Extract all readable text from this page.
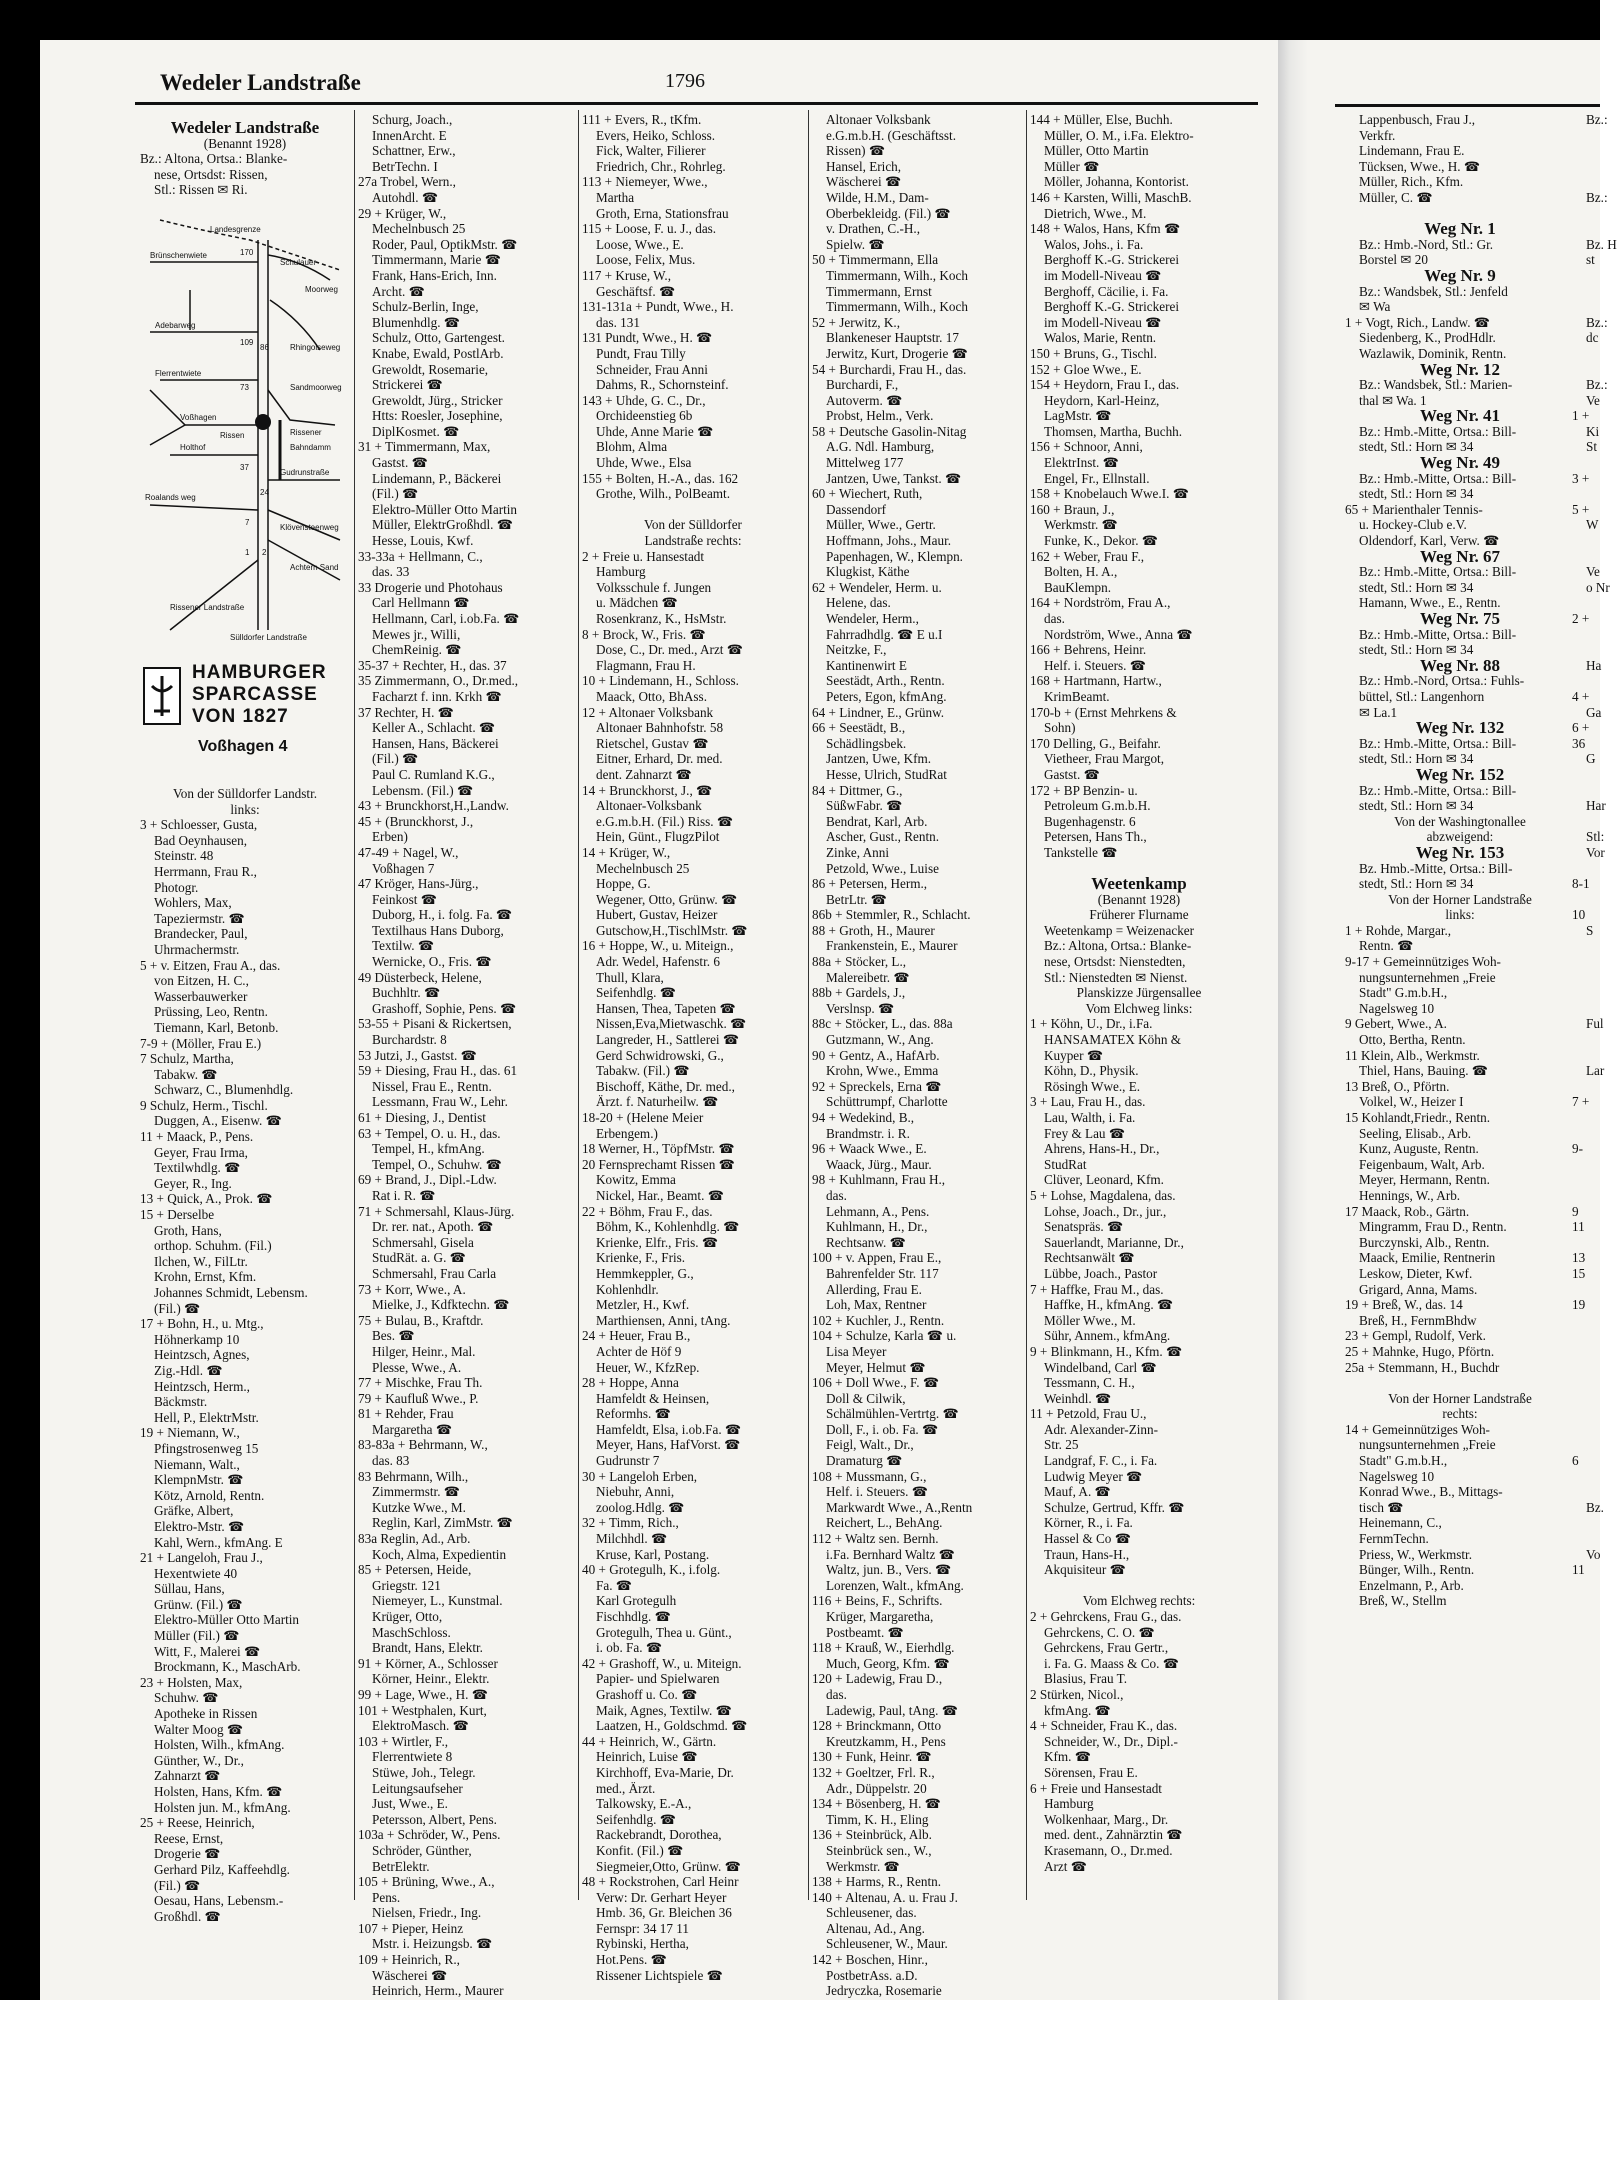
Wedeler Landstraße	1796
Wedeler Landstraße
(Benannt 1928)
Bz.: Altona, Ortsa.: Blanke-
nese, Ortsdst: Rissen,
Stl.: Rissen ✉ Ri.
Landesgrenze
Schulauer
Moorweg
Brünschenwiete
Adebarweg
Flerrentwiete
Voßhagen
Holthof
Rissen	Rissener
Bahndamm
Sandmoorweg
Rhingolseweg
Gudrunstraße
Roalands weg
Klövensteenweg
Achtern Sand
Rissener Landstraße
Sülldorfer Landstraße
170
109
86
73
37
24
7
1 2
HAMBURGER
SPARCASSE
VON 1827
Voßhagen 4
Von der Sülldorfer Landstr.
links:
3 + Schloesser, Gusta,
Bad Oeynhausen,
Steinstr. 48
Herrmann, Frau R.,
Photogr.
Wohlers, Max,
Tapeziermstr. ☎
Brandecker, Paul,
Uhrmachermstr.
5 + v. Eitzen, Frau A., das.
von Eitzen, H. C.,
Wasserbauwerker
Prüssing, Leo, Rentn.
Tiemann, Karl, Betonb.
7-9 + (Möller, Frau E.)
7 Schulz, Martha,
Tabakw. ☎
Schwarz, C., Blumenhdlg.
9 Schulz, Herm., Tischl.
Duggen, A., Eisenw. ☎
11 + Maack, P., Pens.
Geyer, Frau Irma,
Textilwhdlg. ☎
Geyer, R., Ing.
13 + Quick, A., Prok. ☎
15 + Derselbe
Groth, Hans,
orthop. Schuhm. (Fil.)
Ilchen, W., FilLtr.
Krohn, Ernst, Kfm.
Johannes Schmidt, Lebensm.
(Fil.) ☎
17 + Bohn, H., u. Mtg.,
Höhnerkamp 10
Heintzsch, Agnes,
Zig.-Hdl. ☎
Heintzsch, Herm.,
Bäckmstr.
Hell, P., ElektrMstr.
19 + Niemann, W.,
Pfingstrosenweg 15
Niemann, Walt.,
KlempnMstr. ☎
Kötz, Arnold, Rentn.
Gräfke, Albert,
Elektro-Mstr. ☎
Kahl, Wern., kfmAng. E
21 + Langeloh, Frau J.,
Hexentwiete 40
Süllau, Hans,
Grünw. (Fil.) ☎
Elektro-Müller Otto Martin
Müller (Fil.) ☎
Witt, F., Malerei ☎
Brockmann, K., MaschArb.
23 + Holsten, Max,
Schuhw. ☎
Apotheke in Rissen
Walter Moog ☎
Holsten, Wilh., kfmAng.
Günther, W., Dr.,
Zahnarzt ☎
Holsten, Hans, Kfm. ☎
Holsten jun. M., kfmAng.
25 + Reese, Heinrich,
Reese, Ernst,
Drogerie ☎
Gerhard Pilz, Kaffeehdlg.
(Fil.) ☎
Oesau, Hans, Lebensm.-
Großhdl. ☎
Schurg, Joach.,
InnenArcht. E
Schattner, Erw.,
BetrTechn. I
27a Trobel, Wern.,
Autohdl. ☎
29 + Krüger, W.,
Mechelnbusch 25
Roder, Paul, OptikMstr. ☎
Timmermann, Marie ☎
Frank, Hans-Erich, Inn.
Archt. ☎
Schulz-Berlin, Inge,
Blumenhdlg. ☎
Schulz, Otto, Gartengest.
Knabe, Ewald, PostlArb.
Grewoldt, Rosemarie,
Strickerei ☎
Grewoldt, Jürg., Stricker
Htts: Roesler, Josephine,
DiplKosmet. ☎
31 + Timmermann, Max,
Gastst. ☎
Lindemann, P., Bäckerei
(Fil.) ☎
Elektro-Müller Otto Martin
Müller, ElektrGroßhdl. ☎
Hesse, Louis, Kwf.
33-33a + Hellmann, C.,
das. 33
33 Drogerie und Photohaus
Carl Hellmann ☎
Hellmann, Carl, i.ob.Fa. ☎
Mewes jr., Willi,
ChemReinig. ☎
35-37 + Rechter, H., das. 37
35 Zimmermann, O., Dr.med.,
Facharzt f. inn. Krkh ☎
37 Rechter, H. ☎
Keller A., Schlacht. ☎
Hansen, Hans, Bäckerei
(Fil.) ☎
Paul C. Rumland K.G.,
Lebensm. (Fil.) ☎
43 + Brunckhorst,H.,Landw.
45 + (Brunckhorst, J.,
Erben)
47-49 + Nagel, W.,
Voßhagen 7
47 Kröger, Hans-Jürg.,
Feinkost ☎
Duborg, H., i. folg. Fa. ☎
Textilhaus Hans Duborg,
Textilw. ☎
Wernicke, O., Fris. ☎
49 Düsterbeck, Helene,
Buchhltr. ☎
Grashoff, Sophie, Pens. ☎
53-55 + Pisani & Rickertsen,
Burchardstr. 8
53 Jutzi, J., Gastst. ☎
59 + Diesing, Frau H., das. 61
Nissel, Frau E., Rentn.
Lessmann, Frau W., Lehr.
61 + Diesing, J., Dentist
63 + Tempel, O. u. H., das.
Tempel, H., kfmAng.
Tempel, O., Schuhw. ☎
69 + Brand, J., Dipl.-Ldw.
Rat i. R. ☎
71 + Schmersahl, Klaus-Jürg.
Dr. rer. nat., Apoth. ☎
Schmersahl, Gisela
StudRät. a. G. ☎
Schmersahl, Frau Carla
73 + Korr, Wwe., A.
Mielke, J., Kdfktechn. ☎
75 + Bulau, B., Kraftdr.
Bes. ☎
Hilger, Heinr., Mal.
Plesse, Wwe., A.
77 + Mischke, Frau Th.
79 + Kaufluß Wwe., P.
81 + Rehder, Frau
Margaretha ☎
83-83a + Behrmann, W.,
das. 83
83 Behrmann, Wilh.,
Zimmermstr. ☎
Kutzke Wwe., M.
Reglin, Karl, ZimMstr. ☎
83a Reglin, Ad., Arb.
Koch, Alma, Expedientin
85 + Petersen, Heide,
Griegstr. 121
Niemeyer, L., Kunstmal.
Krüger, Otto,
MaschSchloss.
Brandt, Hans, Elektr.
91 + Körner, A., Schlosser
Körner, Heinr., Elektr.
99 + Lage, Wwe., H. ☎
101 + Westphalen, Kurt,
ElektroMasch. ☎
103 + Wirtler, F.,
Flerrentwiete 8
Stüwe, Joh., Telegr.
Leitungsaufseher
Just, Wwe., E.
Petersson, Albert, Pens.
103a + Schröder, W., Pens.
Schröder, Günther,
BetrElektr.
105 + Brüning, Wwe., A.,
Pens.
Nielsen, Friedr., Ing.
107 + Pieper, Heinz
Mstr. i. Heizungsb. ☎
109 + Heinrich, R.,
Wäscherei ☎
Heinrich, Herm., Maurer
111 + Evers, R., tKfm.
Evers, Heiko, Schloss.
Fick, Walter, Filierer
Friedrich, Chr., Rohrleg.
113 + Niemeyer, Wwe.,
Martha
Groth, Erna, Stationsfrau
115 + Loose, F. u. J., das.
Loose, Wwe., E.
Loose, Felix, Mus.
117 + Kruse, W.,
Geschäftsf. ☎
131-131a + Pundt, Wwe., H.
das. 131
131 Pundt, Wwe., H. ☎
Pundt, Frau Tilly
Schneider, Frau Anni
Dahms, R., Schornsteinf.
143 + Uhde, G. C., Dr.,
Orchideenstieg 6b
Uhde, Anne Marie ☎
Blohm, Alma
Uhde, Wwe., Elsa
155 + Bolten, H.-A., das. 162
Grothe, Wilh., PolBeamt.

Von der Sülldorfer
Landstraße rechts:
2 + Freie u. Hansestadt
Hamburg
Volksschule f. Jungen
u. Mädchen ☎
Rosenkranz, K., HsMstr.
8 + Brock, W., Fris. ☎
Dose, C., Dr. med., Arzt ☎
Flagmann, Frau H.
10 + Lindemann, H., Schloss.
Maack, Otto, BhAss.
12 + Altonaer Volksbank
Altonaer Bahnhofstr. 58
Rietschel, Gustav ☎
Eitner, Erhard, Dr. med.
dent. Zahnarzt ☎
14 + Brunckhorst, J., ☎
Altonaer-Volksbank
e.G.m.b.H. (Fil.) Riss. ☎
Hein, Günt., FlugzPilot
14 + Krüger, W.,
Mechelnbusch 25
Hoppe, G.
Wegener, Otto, Grünw. ☎
Hubert, Gustav, Heizer
Gutschow,H.,TischlMstr. ☎
16 + Hoppe, W., u. Miteign.,
Adr. Wedel, Hafenstr. 6
Thull, Klara,
Seifenhdlg. ☎
Hansen, Thea, Tapeten ☎
Nissen,Eva,Mietwaschk. ☎
Langreder, H., Sattlerei ☎
Gerd Schwidrowski, G.,
Tabakw. (Fil.) ☎
Bischoff, Käthe, Dr. med.,
Ärzt. f. Naturheilw. ☎
18-20 + (Helene Meier
Erbengem.)
18 Werner, H., TöpfMstr. ☎
20 Fernsprechamt Rissen ☎
Kowitz, Emma
Nickel, Har., Beamt. ☎
22 + Böhm, Frau F., das.
Böhm, K., Kohlenhdlg. ☎
Krienke, Elfr., Fris. ☎
Krienke, F., Fris.
Hemmkeppler, G.,
Kohlenhdlr.
Metzler, H., Kwf.
Marthiensen, Anni, tAng.
24 + Heuer, Frau B.,
Achter de Höf 9
Heuer, W., KfzRep.
28 + Hoppe, Anna
Hamfeldt & Heinsen,
Reformhs. ☎
Hamfeldt, Elsa, i.ob.Fa. ☎
Meyer, Hans, HafVorst. ☎
Gudrunstr 7
30 + Langeloh Erben,
Niebuhr, Anni,
zoolog.Hdlg. ☎
32 + Timm, Rich.,
Milchhdl. ☎
Kruse, Karl, Postang.
40 + Grotegulh, K., i.folg.
Fa. ☎
Karl Grotegulh
Fischhdlg. ☎
Grotegulh, Thea u. Günt.,
i. ob. Fa. ☎
42 + Grashoff, W., u. Miteign.
Papier- und Spielwaren
Grashoff u. Co. ☎
Maik, Agnes, Textilw. ☎
Laatzen, H., Goldschmd. ☎
44 + Heinrich, W., Gärtn.
Heinrich, Luise ☎
Kirchhoff, Eva-Marie, Dr.
med., Ärzt.
Talkowsky, E.-A.,
Seifenhdlg. ☎
Rackebrandt, Dorothea,
Konfit. (Fil.) ☎
Siegmeier,Otto, Grünw. ☎
48 + Rockstrohen, Carl Heinr
Verw: Dr. Gerhart Heyer
Hmb. 36, Gr. Bleichen 36
Fernspr: 34 17 11
Rybinski, Hertha,
Hot.Pens. ☎
Rissener Lichtspiele ☎
Altonaer Volksbank
e.G.m.b.H. (Geschäftsst.
Rissen) ☎
Hansel, Erich,
Wäscherei ☎
Wilde, H.M., Dam-
Oberbekleidg. (Fil.) ☎
v. Drathen, C.-H.,
Spielw. ☎
50 + Timmermann, Ella
Timmermann, Wilh., Koch
Timmermann, Ernst
Timmermann, Wilh., Koch
52 + Jerwitz, K.,
Blankeneser Hauptstr. 17
Jerwitz, Kurt, Drogerie ☎
54 + Burchardi, Frau H., das.
Burchardi, F.,
Autoverm. ☎
Probst, Helm., Verk.
58 + Deutsche Gasolin-Nitag
A.G. Ndl. Hamburg,
Mittelweg 177
Jantzen, Uwe, Tankst. ☎
60 + Wiechert, Ruth,
Dassendorf
Müller, Wwe., Gertr.
Hoffmann, Johs., Maur.
Papenhagen, W., Klempn.
Klugkist, Käthe
62 + Wendeler, Herm. u.
Helene, das.
Wendeler, Herm.,
Fahrradhdlg. ☎ E u.I
Neitzke, F.,
Kantinenwirt E
Seestädt, Arth., Rentn.
Peters, Egon, kfmAng.
64 + Lindner, E., Grünw.
66 + Seestädt, B.,
Schädlingsbek.
Jantzen, Uwe, Kfm.
Hesse, Ulrich, StudRat
84 + Dittmer, G.,
SüßwFabr. ☎
Bendrat, Karl, Arb.
Ascher, Gust., Rentn.
Zinke, Anni
Petzold, Wwe., Luise
86 + Petersen, Herm.,
BetrLtr. ☎
86b + Stemmler, R., Schlacht.
88 + Groth, H., Maurer
Frankenstein, E., Maurer
88a + Stöcker, L.,
Malereibetr. ☎
88b + Gardels, J.,
Verslnsp. ☎
88c + Stöcker, L., das. 88a
Gutzmann, W., Ang.
90 + Gentz, A., HafArb.
Krohn, Wwe., Emma
92 + Spreckels, Erna ☎
Schüttrumpf, Charlotte
94 + Wedekind, B.,
Brandmstr. i. R.
96 + Waack Wwe., E.
Waack, Jürg., Maur.
98 + Kuhlmann, Frau H.,
das.
Lehmann, A., Pens.
Kuhlmann, H., Dr.,
Rechtsanw. ☎
100 + v. Appen, Frau E.,
Bahrenfelder Str. 117
Allerding, Frau E.
Loh, Max, Rentner
102 + Kuchler, J., Rentn.
104 + Schulze, Karla ☎ u.
Lisa Meyer
Meyer, Helmut ☎
106 + Doll Wwe., F. ☎
Doll & Cilwik,
Schälmühlen-Vertrtg. ☎
Doll, F., i. ob. Fa. ☎
Feigl, Walt., Dr.,
Dramaturg ☎
108 + Mussmann, G.,
Helf. i. Steuers. ☎
Markwardt Wwe., A.,Rentn
Reichert, L., BehAng.
112 + Waltz sen. Bernh.
i.Fa. Bernhard Waltz ☎
Waltz, jun. B., Vers. ☎
Lorenzen, Walt., kfmAng.
116 + Beins, F., Schrifts.
Krüger, Margaretha,
Postbeamt. ☎
118 + Krauß, W., Eierhdlg.
Much, Georg, Kfm. ☎
120 + Ladewig, Frau D.,
das.
Ladewig, Paul, tAng. ☎
128 + Brinckmann, Otto
Kreutzkamm, H., Pens
130 + Funk, Heinr. ☎
132 + Goeltzer, Frl. R.,
Adr., Düppelstr. 20
134 + Bösenberg, H. ☎
Timm, K. H., Eling
136 + Steinbrück, Alb.
Steinbrück sen., W.,
Werkmstr. ☎
138 + Harms, R., Rentn.
140 + Altenau, A. u. Frau J.
Schleusener, das.
Altenau, Ad., Ang.
Schleusener, W., Maur.
142 + Boschen, Hinr.,
PostbetrAss. a.D.
Jedryczka, Rosemarie
144 + Müller, Else, Buchh.
Müller, O. M., i.Fa. Elektro-
Müller, Otto Martin
Müller ☎
Möller, Johanna, Kontorist.
146 + Karsten, Willi, MaschB.
Dietrich, Wwe., M.
148 + Walos, Hans, Kfm ☎
Walos, Johs., i. Fa.
Berghoff K.-G. Strickerei
im Modell-Niveau ☎
Berghoff, Cäcilie, i. Fa.
Berghoff K.-G. Strickerei
im Modell-Niveau ☎
Walos, Marie, Rentn.
150 + Bruns, G., Tischl.
152 + Gloe Wwe., E.
154 + Heydorn, Frau I., das.
Heydorn, Karl-Heinz,
LagMstr. ☎
Thomsen, Martha, Buchh.
156 + Schnoor, Anni,
ElektrInst. ☎
Engel, Fr., Ellnstall.
158 + Knobelauch Wwe.I. ☎
160 + Braun, J.,
Werkmstr. ☎
Funke, K., Dekor. ☎
162 + Weber, Frau F.,
Bolten, H. A.,
BauKlempn.
164 + Nordström, Frau A.,
das.
Nordström, Wwe., Anna ☎
166 + Behrens, Heinr.
Helf. i. Steuers. ☎
168 + Hartmann, Hartw.,
KrimBeamt.
170-b + (Ernst Mehrkens &
Sohn)
170 Delling, G., Beifahr.
Vietheer, Frau Margot,
Gastst. ☎
172 + BP Benzin- u.
Petroleum G.m.b.H.
Bugenhagenstr. 6
Petersen, Hans Th.,
Tankstelle ☎

Weetenkamp
(Benannt 1928)
Früherer Flurname
Weetenkamp = Weizenacker
Bz.: Altona, Ortsa.: Blanke-
nese, Ortsdst: Nienstedten,
Stl.: Nienstedten ✉ Nienst.
Planskizze Jürgensallee
Vom Elchweg links:
1 + Köhn, U., Dr., i.Fa.
HANSAMATEX Köhn &
Kuyper ☎
Köhn, D., Physik.
Rösingh Wwe., E.
3 + Lau, Frau H., das.
Lau, Walth, i. Fa.
Frey & Lau ☎
Ahrens, Hans-H., Dr.,
StudRat
Clüver, Leonard, Kfm.
5 + Lohse, Magdalena, das.
Lohse, Joach., Dr., jur.,
Senatspräs. ☎
Sauerlandt, Marianne, Dr.,
Rechtsanwält ☎
Lübbe, Joach., Pastor
7 + Haffke, Frau M., das.
Haffke, H., kfmAng. ☎
Möller Wwe., M.
Sühr, Annem., kfmAng.
9 + Blinkmann, H., Kfm. ☎
Windelband, Carl ☎
Tessmann, C. H.,
Weinhdl. ☎
11 + Petzold, Frau U.,
Adr. Alexander-Zinn-
Str. 25
Landgraf, F. C., i. Fa.
Ludwig Meyer ☎
Mauf, A. ☎
Schulze, Gertrud, Kffr. ☎
Körner, R., i. Fa.
Hassel & Co ☎
Traun, Hans-H.,
Akquisiteur ☎

Vom Elchweg rechts:
2 + Gehrckens, Frau G., das.
Gehrckens, C. O. ☎
Gehrckens, Frau Gertr.,
i. Fa. G. Maass & Co. ☎
Blasius, Frau T.
2 Stürken, Nicol.,
kfmAng. ☎
4 + Schneider, Frau K., das.
Schneider, W., Dr., Dipl.-
Kfm. ☎
Sörensen, Frau E.
6 + Freie und Hansestadt
Hamburg
Wolkenhaar, Marg., Dr.
med. dent., Zahnärztin ☎
Krasemann, O., Dr.med.
Arzt ☎
Lappenbusch, Frau J.,
Verkfr.
Lindemann, Frau E.
Tücksen, Wwe., H. ☎
Müller, Rich., Kfm.
Müller, C. ☎

Weg Nr. 1
Bz.: Hmb.-Nord, Stl.: Gr.
Borstel ✉ 20
Weg Nr. 9
Bz.: Wandsbek, Stl.: Jenfeld
✉ Wa
1 + Vogt, Rich., Landw. ☎
Siedenberg, K., ProdHdlr.
Wazlawik, Dominik, Rentn.
Weg Nr. 12
Bz.: Wandsbek, Stl.: Marien-
thal ✉ Wa. 1
Weg Nr. 41
Bz.: Hmb.-Mitte, Ortsa.: Bill-
stedt, Stl.: Horn ✉ 34
Weg Nr. 49
Bz.: Hmb.-Mitte, Ortsa.: Bill-
stedt, Stl.: Horn ✉ 34
65 + Marienthaler Tennis-
u. Hockey-Club e.V.
Oldendorf, Karl, Verw. ☎
Weg Nr. 67
Bz.: Hmb.-Mitte, Ortsa.: Bill-
stedt, Stl.: Horn ✉ 34
Hamann, Wwe., E., Rentn.
Weg Nr. 75
Bz.: Hmb.-Mitte, Ortsa.: Bill-
stedt, Stl.: Horn ✉ 34
Weg Nr. 88
Bz.: Hmb.-Nord, Ortsa.: Fuhls-
büttel, Stl.: Langenhorn
✉ La.1
Weg Nr. 132
Bz.: Hmb.-Mitte, Ortsa.: Bill-
stedt, Stl.: Horn ✉ 34
Weg Nr. 152
Bz.: Hmb.-Mitte, Ortsa.: Bill-
stedt, Stl.: Horn ✉ 34
Von der Washingtonallee
abzweigend:
Weg Nr. 153
Bz. Hmb.-Mitte, Ortsa.: Bill-
stedt, Stl.: Horn ✉ 34
Von der Horner Landstraße
links:
1 + Rohde, Margar.,
Rentn. ☎
9-17 + Gemeinnütziges Woh-
nungsunternehmen „Freie
Stadt" G.m.b.H.,
Nagelsweg 10
9 Gebert, Wwe., A.
Otto, Bertha, Rentn.
11 Klein, Alb., Werkmstr.
Thiel, Hans, Bauing. ☎
13 Breß, O., Pförtn.
Volkel, W., Heizer I
15 Kohlandt,Friedr., Rentn.
Seeling, Elisab., Arb.
Kunz, Auguste, Rentn.
Feigenbaum, Walt, Arb.
Meyer, Hermann, Rentn.
Hennings, W., Arb.
17 Maack, Rob., Gärtn.
Mingramm, Frau D., Rentn.
Burczynski, Alb., Rentn.
Maack, Emilie, Rentnerin
Leskow, Dieter, Kwf.
Grigard, Anna, Mams.
19 + Breß, W., das. 14
Breß, H., FernmBhdw
23 + Gempl, Rudolf, Verk.
25 + Mahnke, Hugo, Pförtn.
25a + Stemmann, H., Buchdr

Von der Horner Landstraße
rechts:
14 + Gemeinnütziges Woh-
nungsunternehmen „Freie
Stadt" G.m.b.H.,
Nagelsweg 10
Konrad Wwe., B., Mittags-
tisch ☎
Heinemann, C.,
FernmTechn.
Priess, W., Werkmstr.
Bünger, Wilh., Rentn.
Enzelmann, P., Arb.
Breß, W., Stellm
Bz.:

Bz.:

Bz. H
st

Bz.:
dc

Bz.:
Ve
1 +
Ki
St

3 +

5 +
W

Ve
o Nr

2 +

Ha

4 +
Ga
6 +
36
G

Har

Stl:
Vor

8-1

10
S

Ful

Lar

7 +

9-

9
11

13
15

19

6

Bz.

Vo
11
